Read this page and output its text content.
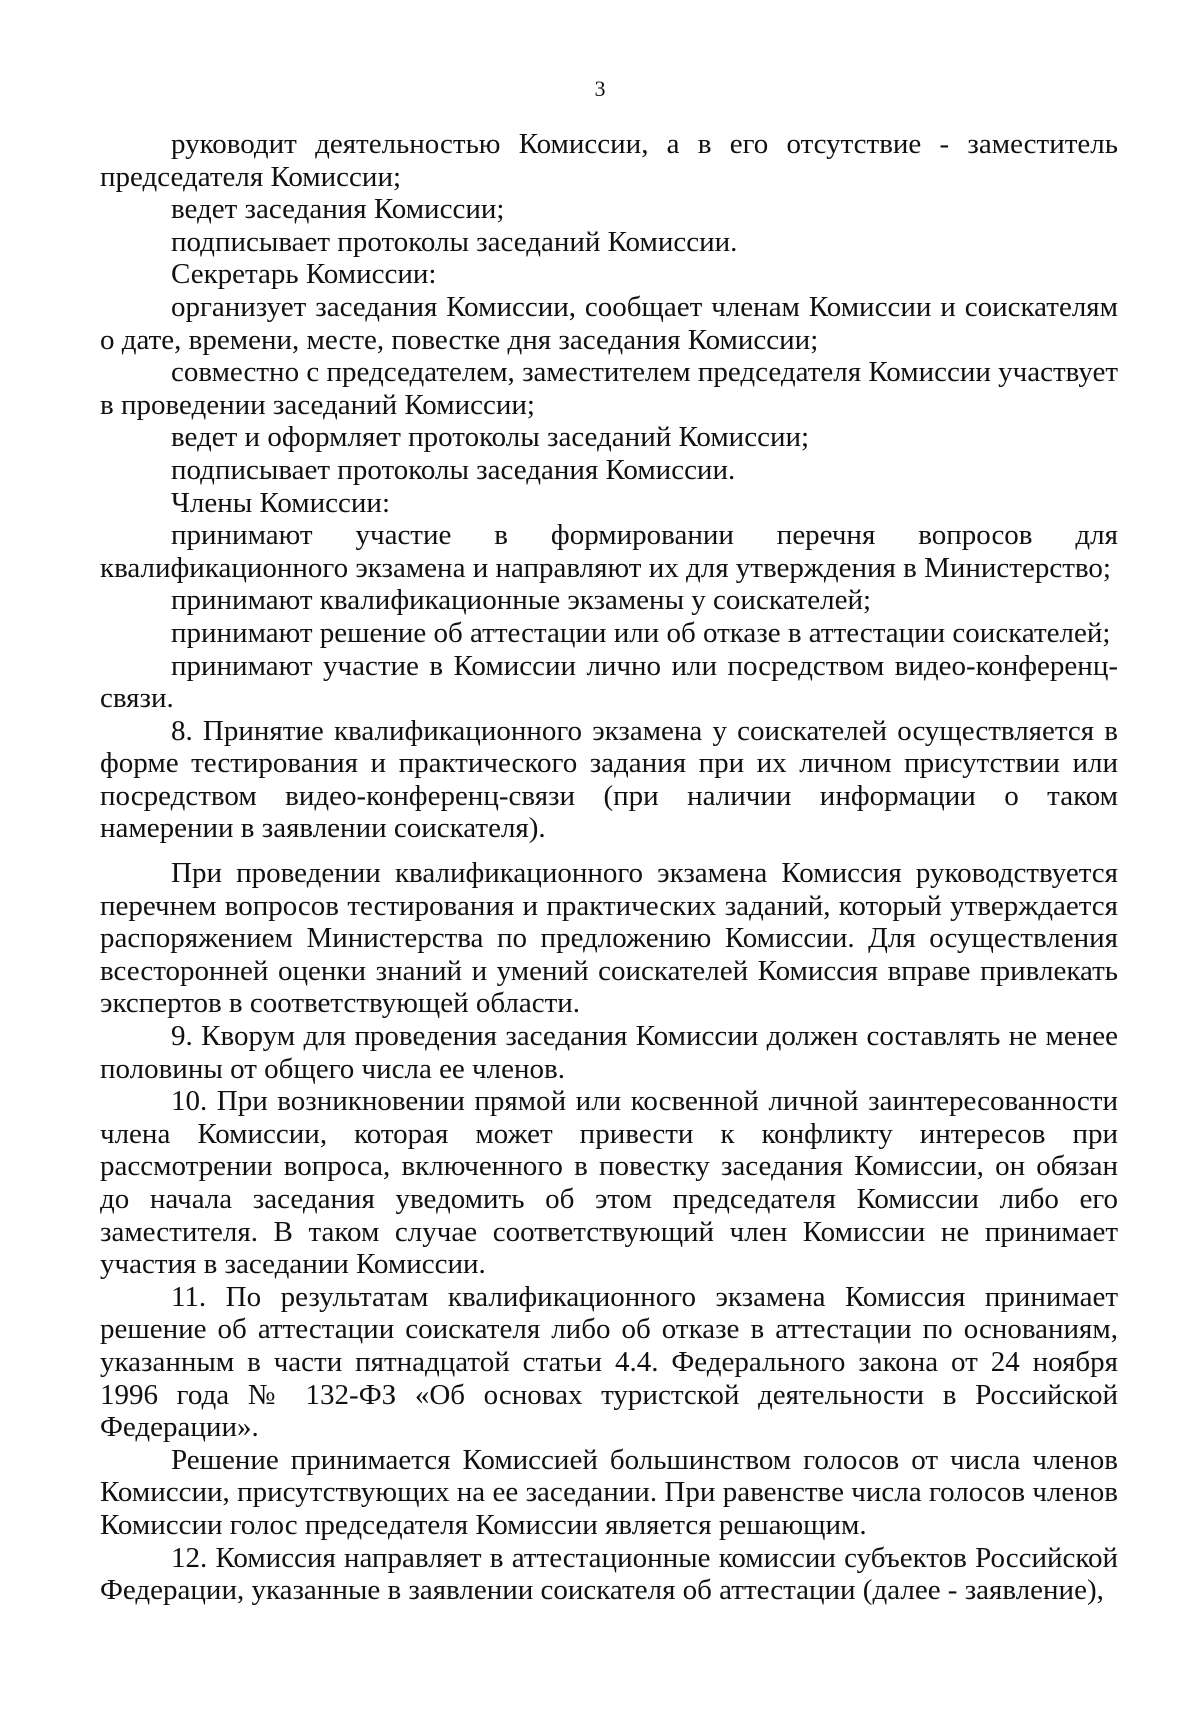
3

руководит деятельностью Комиссии, а в его отсутствие - заместитель председателя Комиссии;

ведет заседания Комиссии;

подписывает протоколы заседаний Комиссии.

Секретарь Комиссии:

организует заседания Комиссии, сообщает членам Комиссии и соискателям о дате, времени, месте, повестке дня заседания Комиссии;

совместно с председателем, заместителем председателя Комиссии участвует в проведении заседаний Комиссии;

ведет и оформляет протоколы заседаний Комиссии;

подписывает протоколы заседания Комиссии.

Члены Комиссии:

принимают участие в формировании перечня вопросов для квалификационного экзамена и направляют их для утверждения в Министерство;

принимают квалификационные экзамены у соискателей;

принимают решение об аттестации или об отказе в аттестации соискателей;

принимают участие в Комиссии лично или посредством видео-конференц-связи.

8. Принятие квалификационного экзамена у соискателей осуществляется в форме тестирования и практического задания при их личном присутствии или посредством видео-конференц-связи (при наличии информации о таком намерении в заявлении соискателя).

При проведении квалификационного экзамена Комиссия руководствуется перечнем вопросов тестирования и практических заданий, который утверждается распоряжением Министерства по предложению Комиссии. Для осуществления всесторонней оценки знаний и умений соискателей Комиссия вправе привлекать экспертов в соответствующей области.

9. Кворум для проведения заседания Комиссии должен составлять не менее половины от общего числа ее членов.

10. При возникновении прямой или косвенной личной заинтересованности члена Комиссии, которая может привести к конфликту интересов при рассмотрении вопроса, включенного в повестку заседания Комиссии, он обязан до начала заседания уведомить об этом председателя Комиссии либо его заместителя. В таком случае соответствующий член Комиссии не принимает участия в заседании Комиссии.

11. По результатам квалификационного экзамена Комиссия принимает решение об аттестации соискателя либо об отказе в аттестации по основаниям, указанным в части пятнадцатой статьи 4.4. Федерального закона от 24 ноября 1996 года № 132-ФЗ «Об основах туристской деятельности в Российской Федерации».

Решение принимается Комиссией большинством голосов от числа членов Комиссии, присутствующих на ее заседании. При равенстве числа голосов членов Комиссии голос председателя Комиссии является решающим.

12. Комиссия направляет в аттестационные комиссии субъектов Российской Федерации, указанные в заявлении соискателя об аттестации (далее - заявление),
